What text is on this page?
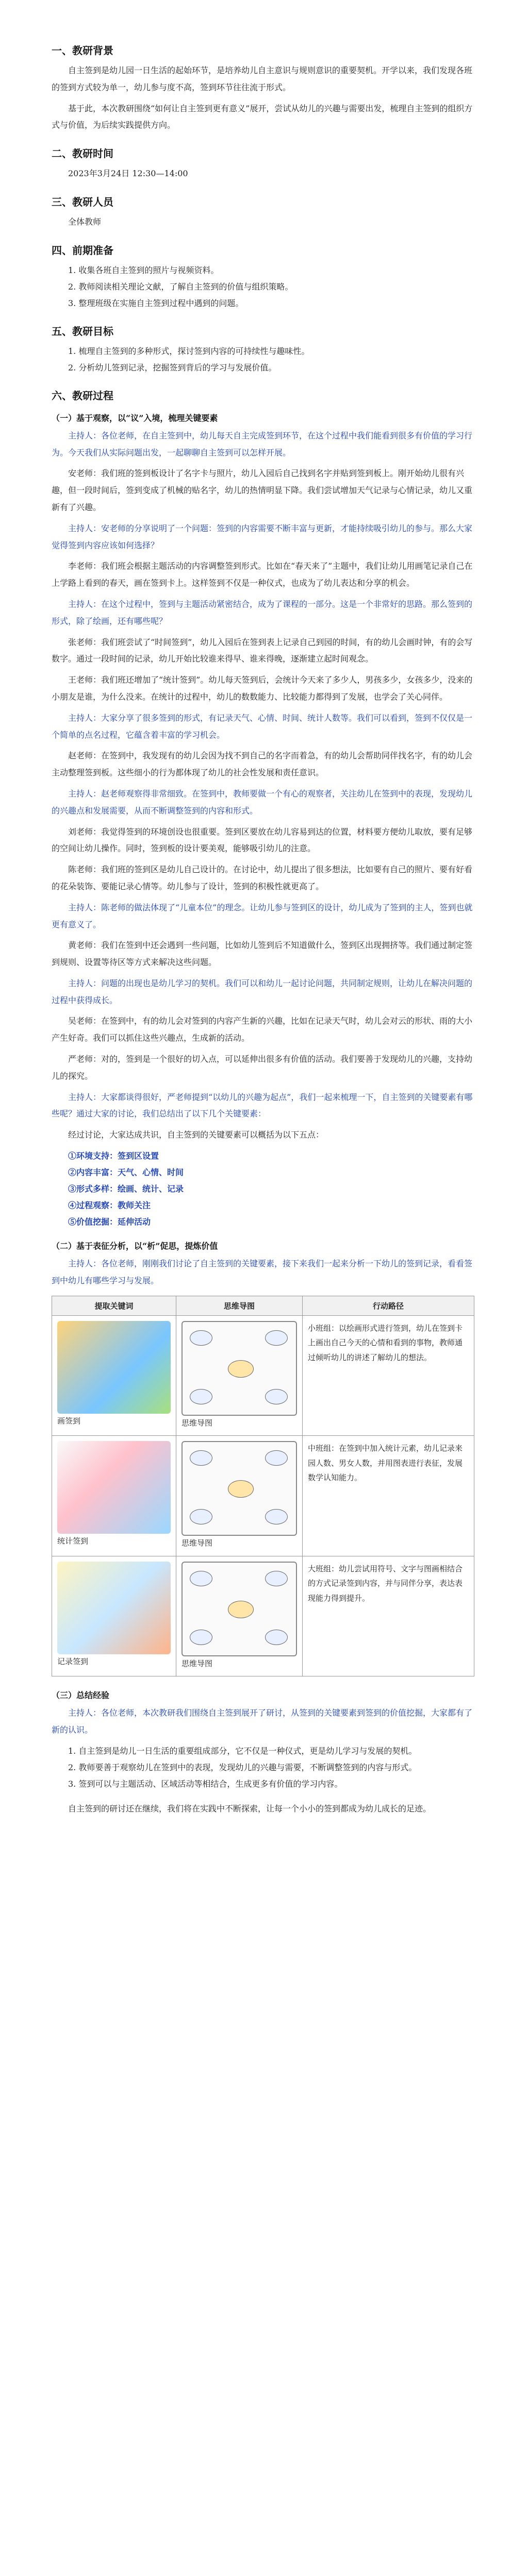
一、教研背景

自主签到是幼儿园一日生活的起始环节，是培养幼儿自主意识与规则意识的重要契机。开学以来，我们发现各班的签到方式较为单一，幼儿参与度不高，签到环节往往流于形式。

基于此，本次教研围绕“如何让自主签到更有意义”展开，尝试从幼儿的兴趣与需要出发，梳理自主签到的组织方式与价值，为后续实践提供方向。

二、教研时间

2023年3月24日 12:30—14:00

三、教研人员

全体教师

四、前期准备
1. 收集各班自主签到的照片与视频资料。
2. 教师阅读相关理论文献，了解自主签到的价值与组织策略。
3. 整理班级在实施自主签到过程中遇到的问题。
五、教研目标
1. 梳理自主签到的多种形式，探讨签到内容的可持续性与趣味性。
2. 分析幼儿签到记录，挖掘签到背后的学习与发展价值。
六、教研过程
（一）基于观察，以“议”入境，梳理关键要素

主持人：各位老师，在自主签到中，幼儿每天自主完成签到环节，在这个过程中我们能看到很多有价值的学习行为。今天我们从实际问题出发，一起聊聊自主签到可以怎样开展。

安老师：我们班的签到板设计了名字卡与照片，幼儿入园后自己找到名字并贴到签到板上。刚开始幼儿很有兴趣，但一段时间后，签到变成了机械的贴名字，幼儿的热情明显下降。我们尝试增加天气记录与心情记录，幼儿又重新有了兴趣。

主持人：安老师的分享说明了一个问题：签到的内容需要不断丰富与更新，才能持续吸引幼儿的参与。那么大家觉得签到内容应该如何选择？

李老师：我们班会根据主题活动的内容调整签到形式。比如在“春天来了”主题中，我们让幼儿用画笔记录自己在上学路上看到的春天，画在签到卡上。这样签到不仅是一种仪式，也成为了幼儿表达和分享的机会。

主持人：在这个过程中，签到与主题活动紧密结合，成为了课程的一部分。这是一个非常好的思路。那么签到的形式，除了绘画，还有哪些呢？

张老师：我们班尝试了“时间签到”，幼儿入园后在签到表上记录自己到园的时间，有的幼儿会画时钟，有的会写数字。通过一段时间的记录，幼儿开始比较谁来得早、谁来得晚，逐渐建立起时间观念。

王老师：我们班还增加了“统计签到”。幼儿每天签到后，会统计今天来了多少人，男孩多少，女孩多少，没来的小朋友是谁，为什么没来。在统计的过程中，幼儿的数数能力、比较能力都得到了发展，也学会了关心同伴。

主持人：大家分享了很多签到的形式，有记录天气、心情、时间、统计人数等。我们可以看到，签到不仅仅是一个简单的点名过程，它蕴含着丰富的学习机会。

赵老师：在签到中，我发现有的幼儿会因为找不到自己的名字而着急，有的幼儿会帮助同伴找名字，有的幼儿会主动整理签到板。这些细小的行为都体现了幼儿的社会性发展和责任意识。

主持人：赵老师观察得非常细致。在签到中，教师要做一个有心的观察者，关注幼儿在签到中的表现，发现幼儿的兴趣点和发展需要，从而不断调整签到的内容和形式。

刘老师：我觉得签到的环境创设也很重要。签到区要放在幼儿容易到达的位置，材料要方便幼儿取放，要有足够的空间让幼儿操作。同时，签到板的设计要美观，能够吸引幼儿的注意。

陈老师：我们班的签到区是幼儿自己设计的。在讨论中，幼儿提出了很多想法，比如要有自己的照片、要有好看的花朵装饰、要能记录心情等。幼儿参与了设计，签到的积极性就更高了。

主持人：陈老师的做法体现了“儿童本位”的理念。让幼儿参与签到区的设计，幼儿成为了签到的主人，签到也就更有意义了。

黄老师：我们在签到中还会遇到一些问题，比如幼儿签到后不知道做什么，签到区出现拥挤等。我们通过制定签到规则、设置等待区等方式来解决这些问题。

主持人：问题的出现也是幼儿学习的契机。我们可以和幼儿一起讨论问题，共同制定规则，让幼儿在解决问题的过程中获得成长。

吴老师：在签到中，有的幼儿会对签到的内容产生新的兴趣，比如在记录天气时，幼儿会对云的形状、雨的大小产生好奇。我们可以抓住这些兴趣点，生成新的活动。

严老师：对的，签到是一个很好的切入点，可以延伸出很多有价值的活动。我们要善于发现幼儿的兴趣，支持幼儿的探究。

主持人：大家都谈得很好，严老师提到“以幼儿的兴趣为起点”，我们一起来梳理一下，自主签到的关键要素有哪些呢？通过大家的讨论，我们总结出了以下几个关键要素：

经过讨论，大家达成共识，自主签到的关键要素可以概括为以下五点：

①环境支持：签到区设置
②内容丰富：天气、心情、时间
③形式多样：绘画、统计、记录
④过程观察：教师关注
⑤价值挖掘：延伸活动
（二）基于表征分析，以“析”促思，提炼价值

主持人：各位老师，刚刚我们讨论了自主签到的关键要素，接下来我们一起来分析一下幼儿的签到记录，看看签到中幼儿有哪些学习与发展。

提取关键词	思维导图	行动路径

画签到	思维导图	小班组：以绘画形式进行签到，幼儿在签到卡上画出自己今天的心情和看到的事物，教师通过倾听幼儿的讲述了解幼儿的想法。

统计签到	思维导图	中班组：在签到中加入统计元素，幼儿记录来园人数、男女人数，并用图表进行表征，发展数学认知能力。

记录签到	思维导图	大班组：幼儿尝试用符号、文字与图画相结合的方式记录签到内容，并与同伴分享，表达表现能力得到提升。
（三）总结经验

主持人：各位老师，本次教研我们围绕自主签到展开了研讨，从签到的关键要素到签到的价值挖掘，大家都有了新的认识。

1. 自主签到是幼儿一日生活的重要组成部分，它不仅是一种仪式，更是幼儿学习与发展的契机。
2. 教师要善于观察幼儿在签到中的表现，发现幼儿的兴趣与需要，不断调整签到的内容与形式。
3. 签到可以与主题活动、区域活动等相结合，生成更多有价值的学习内容。

自主签到的研讨还在继续，我们将在实践中不断探索，让每一个小小的签到都成为幼儿成长的足迹。
